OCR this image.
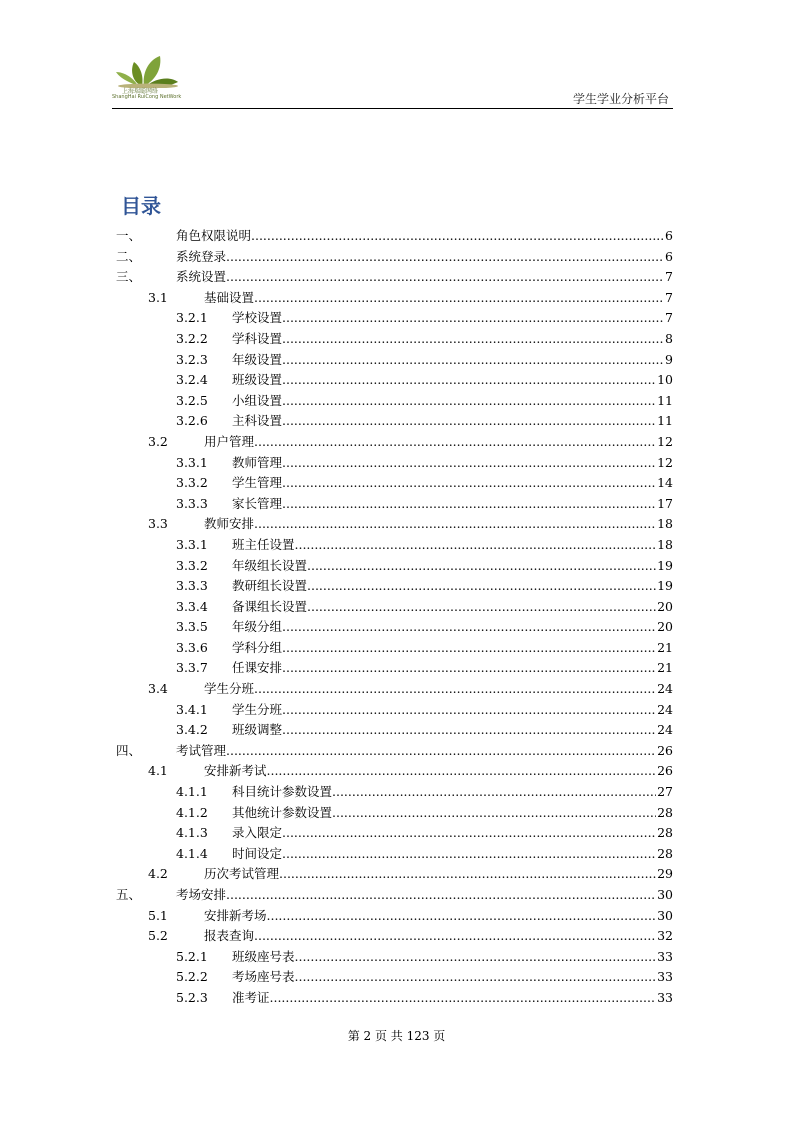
上海瑞聪网络
ShangHai RuiCong NetWork	学生学业分析平台
目录
一、	角色权限说明 .....	6
二、	系统登录 .....	6
三、	系统设置 .....	7
3.1	基础设置 .....	7
3.2.1 学校设置 .....	7
3.2.2 学科设置 .....	8
3.2.3 年级设置 .....	9
3.2.4 班级设置 .....	10
3.2.5 小组设置 .....	11
3.2.6 主科设置 .....	11
3.2	用户管理 .....	12
3.3.1 教师管理 .....	12
3.3.2 学生管理 .....	14
3.3.3 家长管理 .....	17
3.3	教师安排 .....	18
3.3.1 班主任设置 .....	18
3.3.2 年级组长设置 .....	19
3.3.3 教研组长设置 .....	19
3.3.4 备课组长设置 .....	20
3.3.5 年级分组 .....	20
3.3.6 学科分组 .....	21
3.3.7 任课安排 .....	21
3.4	学生分班 .....	24
3.4.1 学生分班 .....	24
3.4.2 班级调整 .....	24
四、	考试管理 .....	26
4.1	安排新考试 .....	26
4.1.1 科目统计参数设置 .....	27
4.1.2 其他统计参数设置 .....	28
4.1.3 录入限定 .....	28
4.1.4 时间设定 .....	28
4.2	历次考试管理 .....	29
五、	考场安排 .....	30
5.1	安排新考场 .....	30
5.2	报表查询 .....	32
5.2.1 班级座号表 .....	33
5.2.2 考场座号表 .....	33
5.2.3 准考证 .....	33
第 2 页 共 123 页
